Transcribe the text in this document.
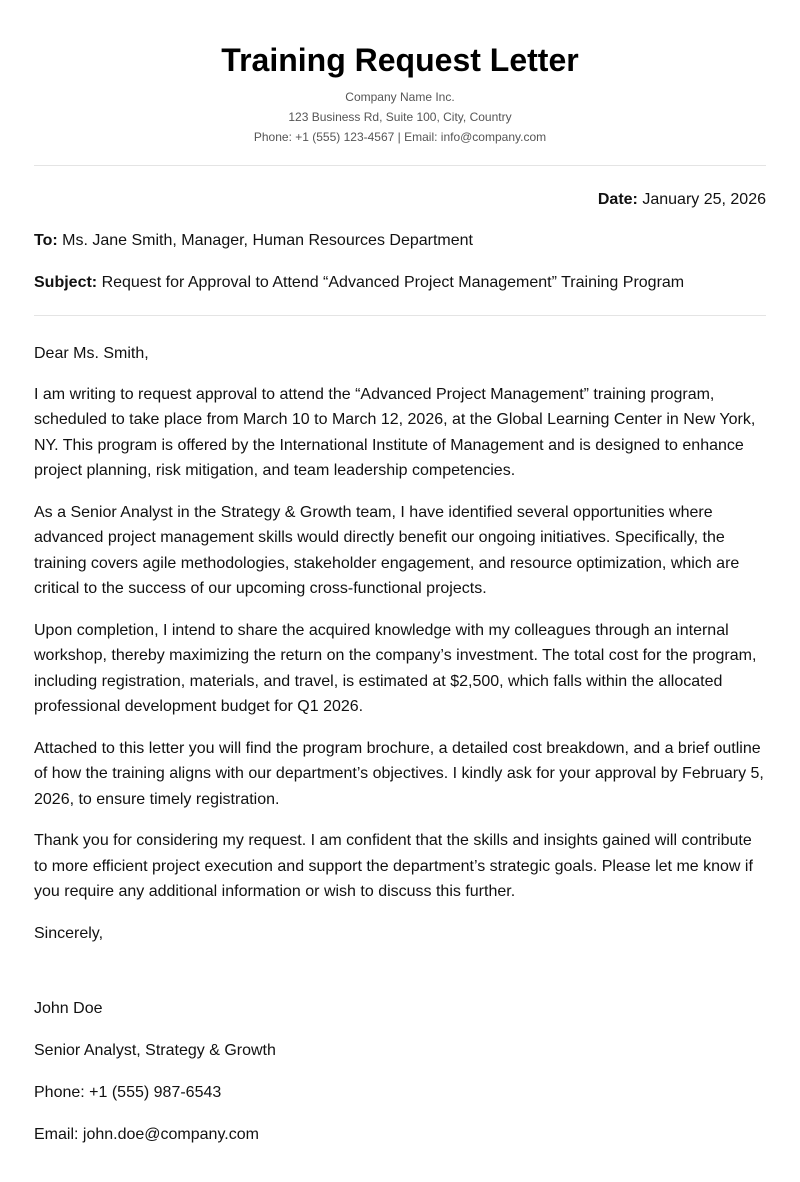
Training Request Letter
Company Name Inc.
123 Business Rd, Suite 100, City, Country
Phone: +1 (555) 123-4567 | Email: info@company.com
Date: January 25, 2026
To: Ms. Jane Smith, Manager, Human Resources Department
Subject: Request for Approval to Attend “Advanced Project Management” Training Program

Dear Ms. Smith,

I am writing to request approval to attend the “Advanced Project Management” training program, scheduled to take place from March 10 to March 12, 2026, at the Global Learning Center in New York, NY. This program is offered by the International Institute of Management and is designed to enhance project planning, risk mitigation, and team leadership competencies.

As a Senior Analyst in the Strategy & Growth team, I have identified several opportunities where advanced project management skills would directly benefit our ongoing initiatives. Specifically, the training covers agile methodologies, stakeholder engagement, and resource optimization, which are critical to the success of our upcoming cross-functional projects.

Upon completion, I intend to share the acquired knowledge with my colleagues through an internal workshop, thereby maximizing the return on the company’s investment. The total cost for the program, including registration, materials, and travel, is estimated at $2,500, which falls within the allocated professional development budget for Q1 2026.

Attached to this letter you will find the program brochure, a detailed cost breakdown, and a brief outline of how the training aligns with our department’s objectives. I kindly ask for your approval by February 5, 2026, to ensure timely registration.

Thank you for considering my request. I am confident that the skills and insights gained will contribute to more efficient project execution and support the department’s strategic goals. Please let me know if you require any additional information or wish to discuss this further.

Sincerely,

John Doe
Senior Analyst, Strategy & Growth
Phone: +1 (555) 987-6543
Email: john.doe@company.com
